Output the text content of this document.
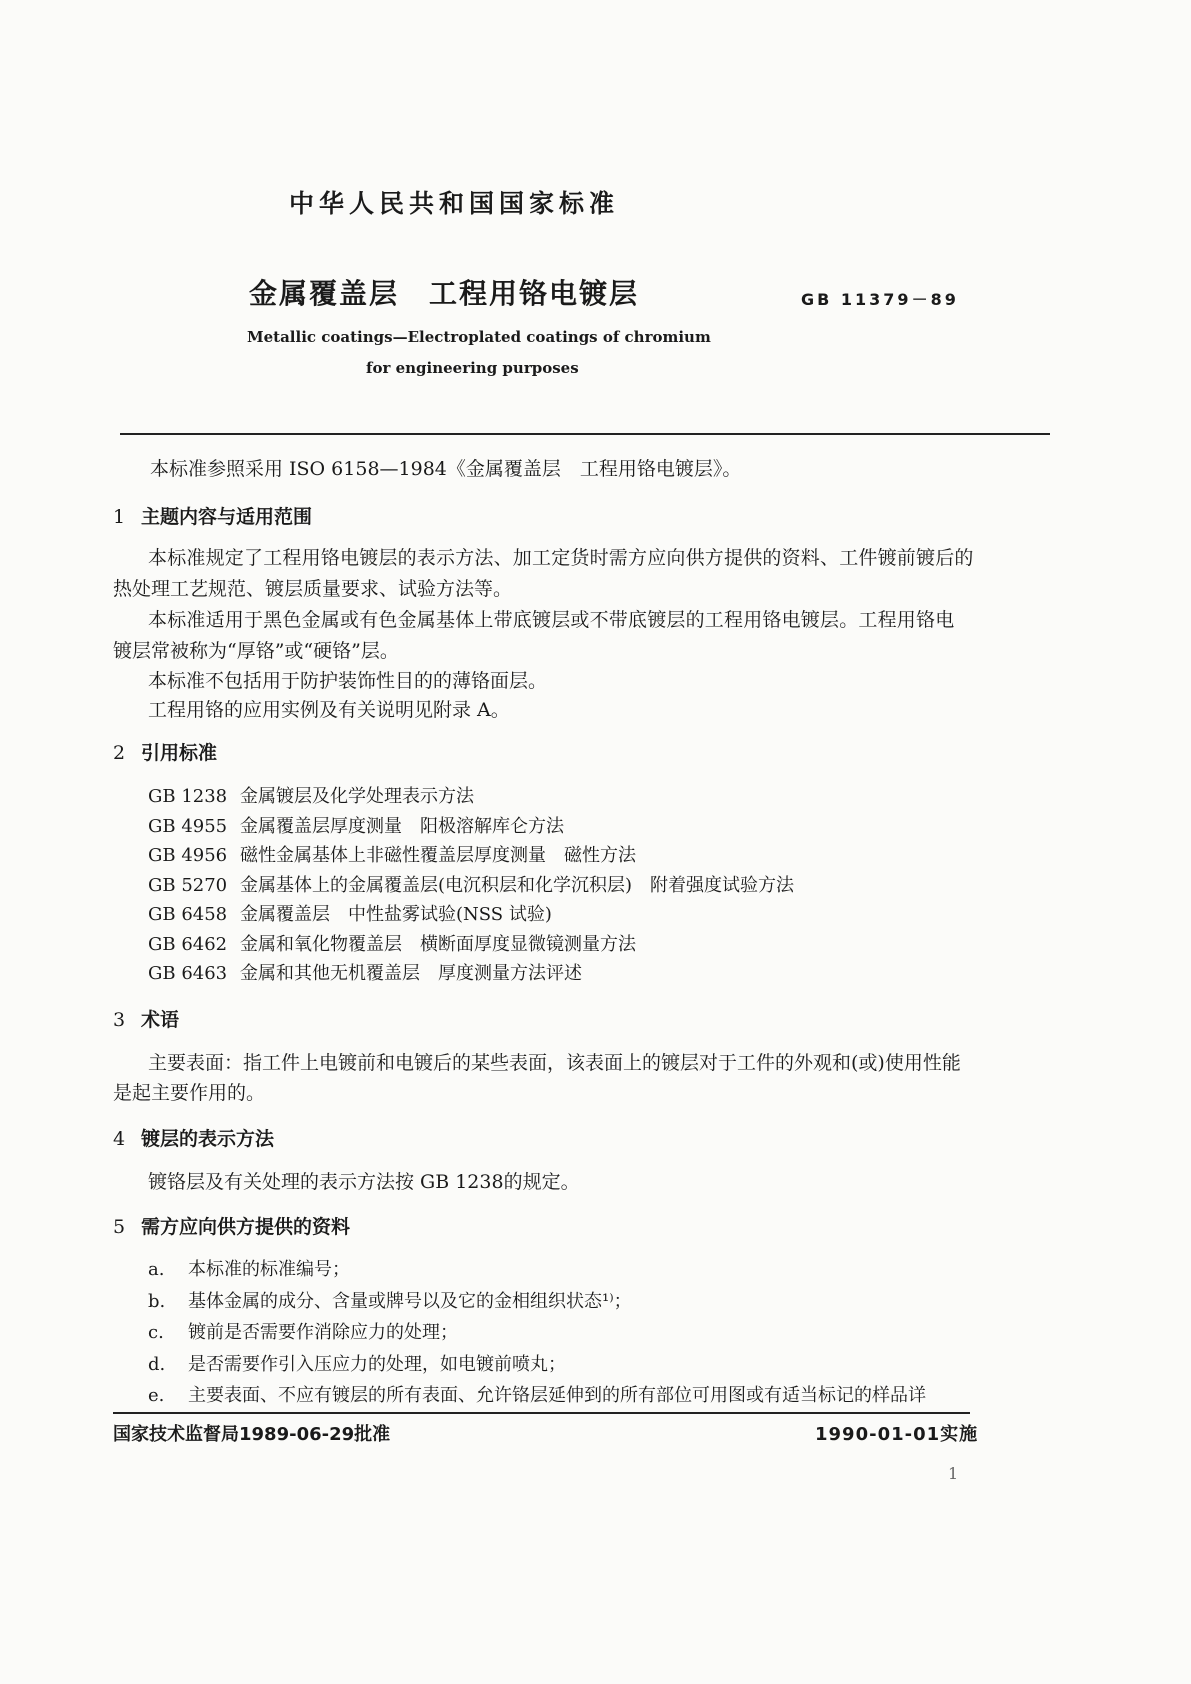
中华人民共和国国家标准
金属覆盖层　工程用铬电镀层	GB 11379－89
Metallic coatings—Electroplated coatings of chromium
for engineering purposes
本标准参照采用 ISO 6158—1984《金属覆盖层　工程用铬电镀层》。
1 主题内容与适用范围
本标准规定了工程用铬电镀层的表示方法、加工定货时需方应向供方提供的资料、工件镀前镀后的
热处理工艺规范、镀层质量要求、试验方法等。
本标准适用于黑色金属或有色金属基体上带底镀层或不带底镀层的工程用铬电镀层。工程用铬电
镀层常被称为“厚铬”或“硬铬”层。
本标准不包括用于防护装饰性目的的薄铬面层。
工程用铬的应用实例及有关说明见附录 A。
2 引用标准
GB 1238 金属镀层及化学处理表示方法
GB 4955 金属覆盖层厚度测量　阳极溶解库仑方法
GB 4956 磁性金属基体上非磁性覆盖层厚度测量　磁性方法
GB 5270 金属基体上的金属覆盖层(电沉积层和化学沉积层)　附着强度试验方法
GB 6458 金属覆盖层　中性盐雾试验(NSS 试验)
GB 6462 金属和氧化物覆盖层　横断面厚度显微镜测量方法
GB 6463 金属和其他无机覆盖层　厚度测量方法评述
3 术语
主要表面：指工件上电镀前和电镀后的某些表面，该表面上的镀层对于工件的外观和(或)使用性能
是起主要作用的。
4 镀层的表示方法
镀铬层及有关处理的表示方法按 GB 1238的规定。
5 需方应向供方提供的资料
a. 本标准的标准编号；
b. 基体金属的成分、含量或牌号以及它的金相组织状态¹⁾；
c. 镀前是否需要作消除应力的处理；
d. 是否需要作引入压应力的处理，如电镀前喷丸；
e. 主要表面、不应有镀层的所有表面、允许铬层延伸到的所有部位可用图或有适当标记的样品详
国家技术监督局1989-06-29批准	1990-01-01实施
1
